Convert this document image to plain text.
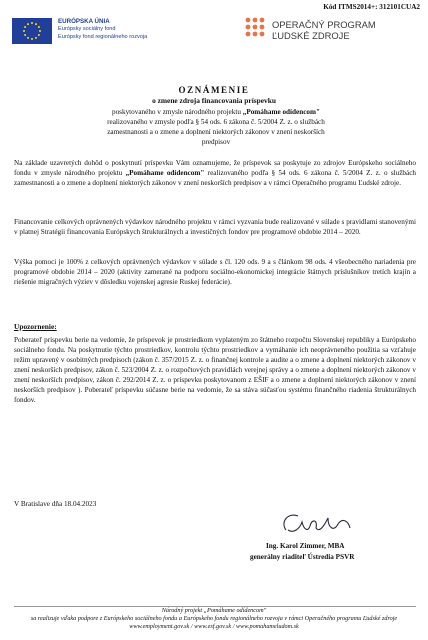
Kód ITMS2014+: 312101CUA2
EURÓPSKA ÚNIA
Európsky sociálny fond
Európsky fond regionálneho rozvoja
OPERAČNÝ PROGRAM
ĽUDSKÉ ZDROJE
OZNÁMENIE
o zmene zdroja financovania príspevku
poskytovaného v zmysle národného projektu „Pomáhame odídencom" realizovaného v zmysle podľa § 54 ods. 6 zákona č. 5/2004 Z. z. o službách zamestnanosti a o zmene a doplnení niektorých zákonov v znení neskorších predpisov
Na základe uzavretých dohôd o poskytnutí príspevku Vám oznamujeme, že príspevok sa poskytuje zo zdrojov Európskeho sociálneho fondu v zmysle národného projektu „Pomáhame odídencom" realizovaného podľa § 54 ods. 6 zákona č. 5/2004 Z. z. o službách zamestnanosti a o zmene a doplnení niektorých zákonov v znení neskorších predpisov a v rámci Operačného programu Ľudské zdroje.
Financovanie celkových oprávnených výdavkov národného projektu v rámci vyzvania bude realizované v súlade s pravidlami stanovenými v platnej Stratégii financovania Európskych štrukturálnych a investičných fondov pre programové obdobie 2014 – 2020.
Výška pomoci je 100% z celkových oprávnených výdavkov v súlade s čl. 120 ods. 9 a s článkom 98 ods. 4 všeobecného nariadenia pre programové obdobie 2014 – 2020 (aktivity zamerané na podporu sociálno-ekonomickej integrácie štátnych príslušníkov tretích krajín a riešenie migračných výziev v dôsledku vojenskej agresie Ruskej federácie).
Upozornenie:
Poberateľ príspevku berie na vedomie, že príspevok je prostriedkom vyplateným zo štátneho rozpočtu Slovenskej republiky a Európskeho sociálneho fondu. Na poskytnutie týchto prostriedkov, kontrolu týchto prostriedkov a vymáhanie ich neoprávneného použitia sa vzťahuje režim upravený v osobitných predpisoch (zákon č. 357/2015 Z. z. o finančnej kontrole a audite a o zmene a doplnení niektorých zákonov v znení neskorších predpisov, zákon č. 523/2004 Z. z. o rozpočtových pravidlách verejnej správy a o zmene a doplnení niektorých zákonov v znení neskorších predpisov, zákon č. 292/2014 Z. z. o príspevku poskytovanom z EŠIF a o zmene a doplnení niektorých zákonov v znení neskorších predpisov ). Poberateľ príspevku súčasne berie na vedomie, že sa stáva súčasťou systému finančného riadenia štrukturálnych fondov.
V Bratislave dňa 18.04.2023
Ing. Karol Zimmer, MBA
generálny riaditeľ Ústredia PSVR
Národný projekt „Pomáhame odídencom"
sa realizuje vďaka podpore z Európskeho sociálneho fondu a Európskeho fondu regionálneho rozvoja v rámci Operačného programu Ľudské zdroje
www.employment.gov.sk / www.esf.gov.sk / www.pomahameludom.sk
